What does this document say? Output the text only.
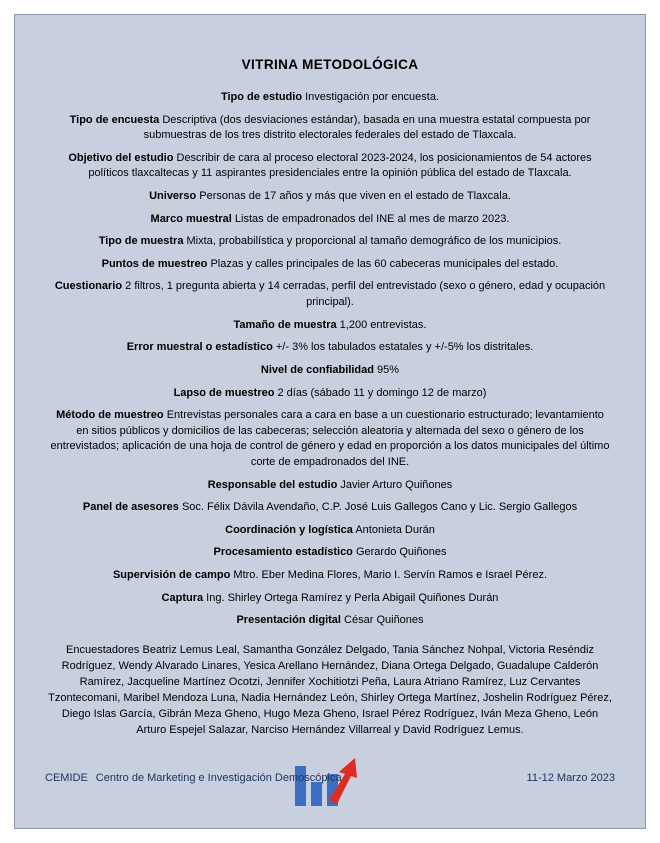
VITRINA METODOLÓGICA

Tipo de estudio Investigación por encuesta.

Tipo de encuesta Descriptiva (dos desviaciones estándar), basada en una muestra estatal compuesta por submuestras de los tres distrito electorales federales del estado de Tlaxcala.

Objetivo del estudio Describir de cara al proceso electoral 2023-2024, los posicionamientos de 54 actores políticos tlaxcaltecas y 11 aspirantes presidenciales entre la opinión pública del estado de Tlaxcala.

Universo Personas de 17 años y más que viven en el estado de Tlaxcala.

Marco muestral Listas de empadronados del INE al mes de marzo 2023.

Tipo de muestra Mixta, probabilística y proporcional al tamaño demográfico de los municipios.

Puntos de muestreo Plazas y calles principales de las 60 cabeceras municipales del estado.

Cuestionario 2 filtros, 1 pregunta abierta y 14 cerradas, perfil del entrevistado (sexo o género, edad y ocupación principal).

Tamaño de muestra 1,200 entrevistas.

Error muestral o estadístico +/- 3% los tabulados estatales y +/-5% los distritales.

Nivel de confiabilidad 95%

Lapso de muestreo 2 días (sábado 11 y domingo 12 de marzo)

Método de muestreo Entrevistas personales cara a cara en base a un cuestionario estructurado; levantamiento en sitios públicos y domicilios de las cabeceras; selección aleatoria y alternada del sexo o género de los entrevistados; aplicación de una hoja de control de género y edad en proporción a los datos municipales del último corte de empadronados del INE.

Responsable del estudio Javier Arturo Quiñones

Panel de asesores Soc. Félix Dávila Avendaño, C.P. José Luis Gallegos Cano y Lic. Sergio Gallegos

Coordinación y logística Antonieta Durán

Procesamiento estadístico Gerardo Quiñones

Supervisión de campo Mtro. Eber Medina Flores, Mario I. Servín Ramos e Israel Pérez.

Captura Ing. Shirley Ortega Ramírez y Perla Abigail Quiñones Durán

Presentación digital César Quiñones

Encuestadores Beatriz Lemus Leal, Samantha González Delgado, Tania Sánchez Nohpal, Victoria Reséndiz Rodríguez, Wendy Alvarado Linares, Yesica Arellano Hernández, Diana Ortega Delgado, Guadalupe Calderón Ramírez, Jacqueline Martínez Ocotzi, Jennifer Xochitiotzi Peña, Laura Atriano Ramírez, Luz Cervantes Tzontecomani, Maribel Mendoza Luna, Nadia Hernández León, Shirley Ortega Martínez, Joshelin Rodríguez Pérez, Diego Islas García, Gibrán Meza Gheno, Hugo Meza Gheno, Israel Pérez Rodríguez, Iván Meza Gheno, León Arturo Espejel Salazar, Narciso Hernández Villarreal y David Rodríguez Lemus.

CEMIDE Centro de Marketing e Investigación Demoscópica	11-12 Marzo 2023
